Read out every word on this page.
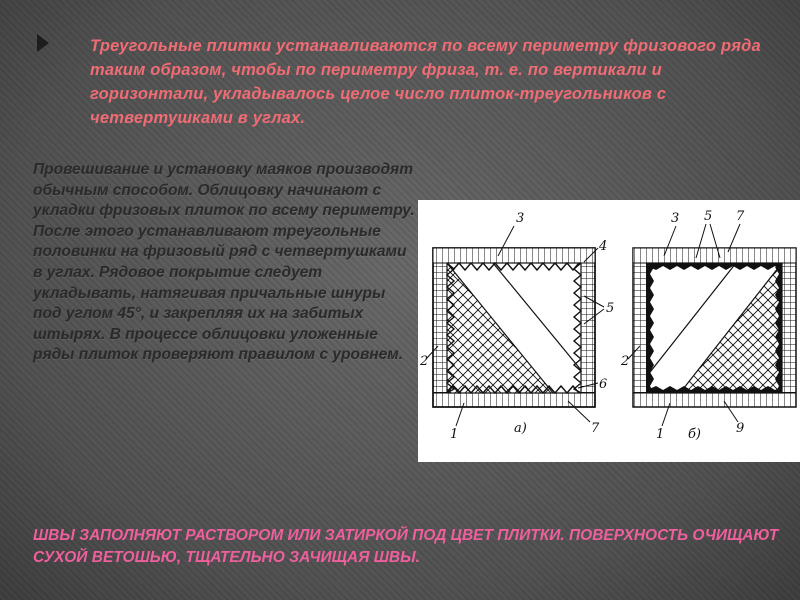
Треугольные плитки устанавливаются по всему периметру фризового ряда таким образом, чтобы по периметру фриза, т. е. по вертикали и горизонтали, укладывалось целое число плиток-треугольников с четвертушками в углах.

Провешивание и установку маяков производят обычным способом. Облицовку начинают с укладки фризовых плиток по всему периметру. После этого устанавливают треугольные половинки на фризовый ряд с четвертушками в углах. Рядовое покрытие следует укладывать, натягивая причальные шнуры под углом 45°, и закрепляя их на забитых штырях. В процессе облицовки уложенные ряды плиток проверяют правилом с уровнем.

ШВЫ ЗАПОЛНЯЮТ РАСТВОРОМ ИЛИ ЗАТИРКОЙ ПОД ЦВЕТ ПЛИТКИ. ПОВЕРХНОСТЬ ОЧИЩАЮТ СУХОЙ ВЕТОШЬЮ, ТЩАТЕЛЬНО ЗАЧИЩАЯ ШВЫ.

3
4
5
6
7
2
1	а)
3 5 7
2
1 б)	9
